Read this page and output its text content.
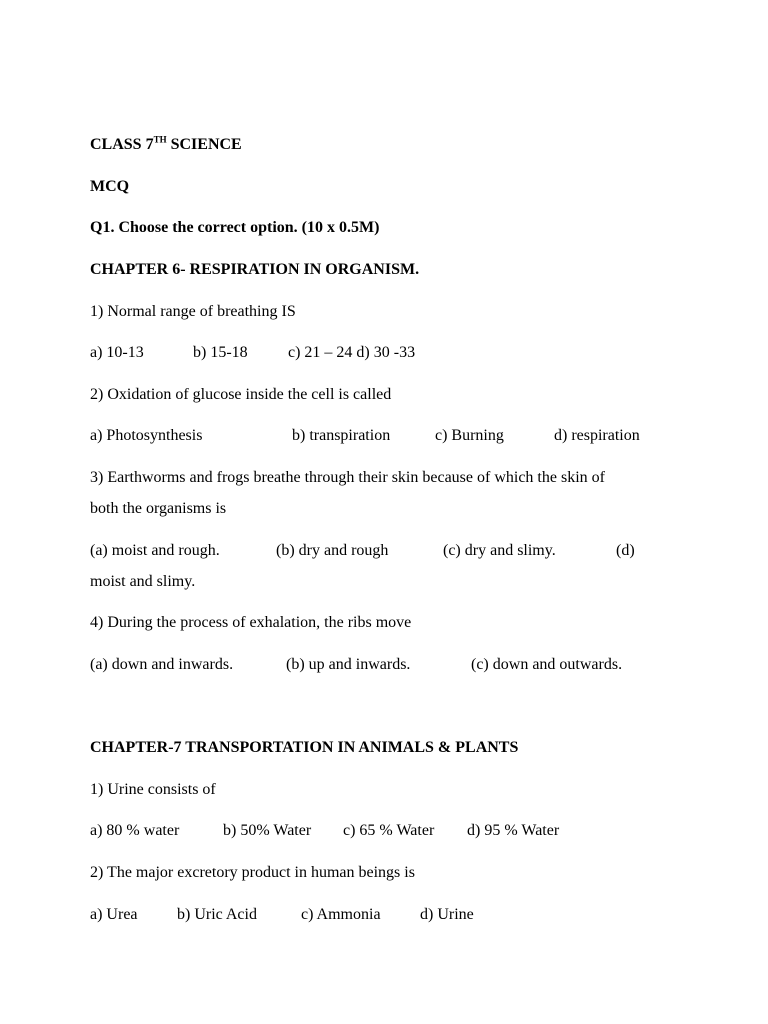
CLASS 7TH SCIENCE
MCQ
Q1. Choose the correct option. (10 x 0.5M)
CHAPTER 6- RESPIRATION IN ORGANISM.
1) Normal range of breathing IS
a) 10-13	b) 15-18	c) 21 – 24 d) 30 -33
2) Oxidation of glucose inside the cell is called
a) Photosynthesis	b) transpiration	c) Burning	d) respiration
3) Earthworms and frogs breathe through their skin because of which the skin of
both the organisms is
(a) moist and rough.	(b) dry and rough	(c) dry and slimy.	(d)
moist and slimy.
4) During the process of exhalation, the ribs move
(a) down and inwards.	(b) up and inwards.	(c) down and outwards.
CHAPTER-7 TRANSPORTATION IN ANIMALS & PLANTS
1) Urine consists of
a) 80 % water	b) 50% Water c) 65 % Water d) 95 % Water
2) The major excretory product in human beings is
a) Urea b) Uric Acid	c) Ammonia d) Urine
